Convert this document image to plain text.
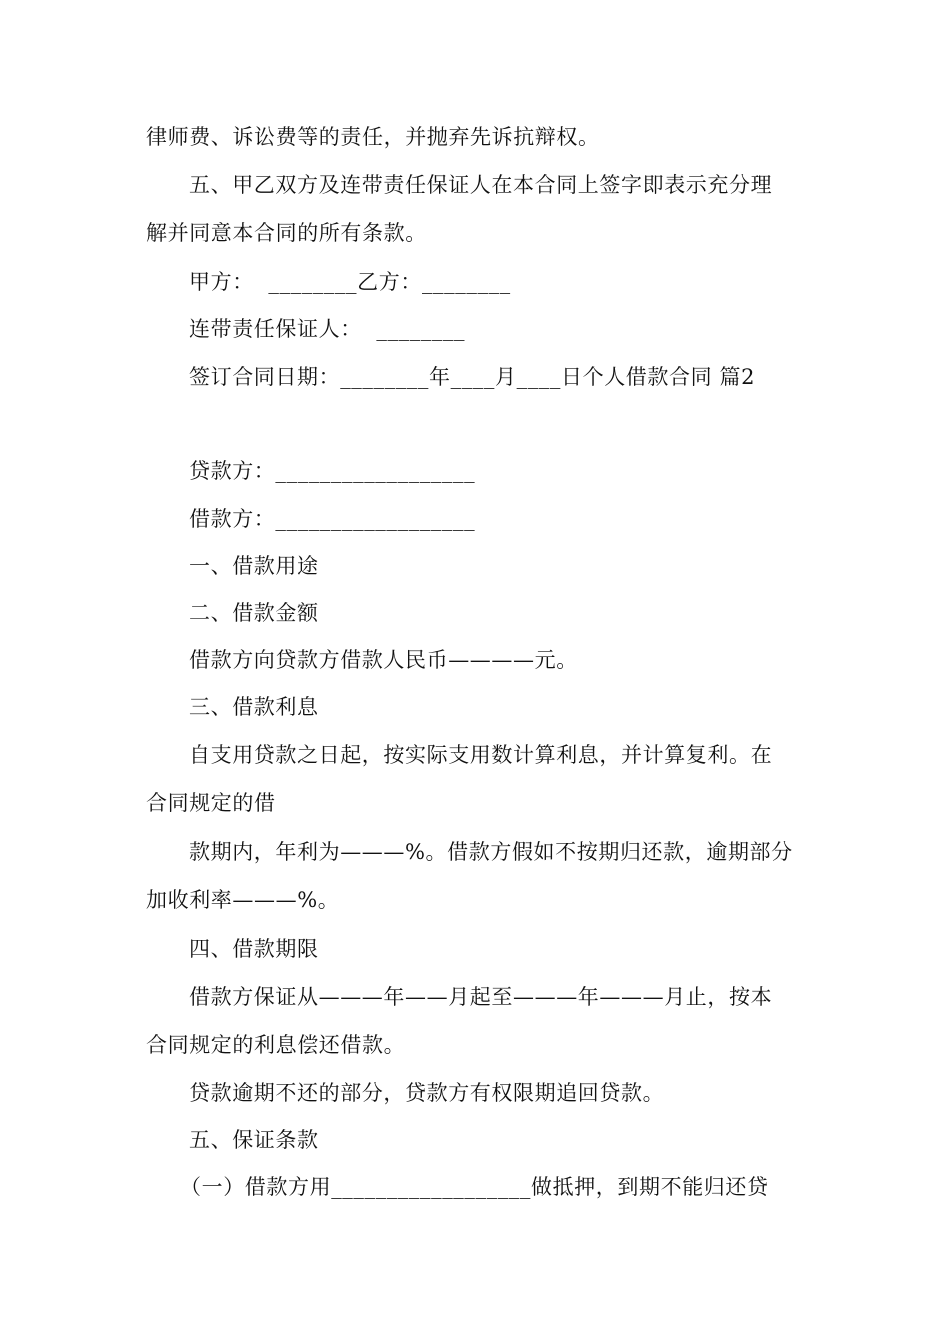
律师费、诉讼费等的责任，并抛弃先诉抗辩权。
五、甲乙双方及连带责任保证人在本合同上签字即表示充分理
解并同意本合同的所有条款。
甲方：  ________乙方：________
连带责任保证人：  ________
签订合同日期：________年____月____日个人借款合同 篇2
贷款方：__________________
借款方：__________________
一、借款用途
二、借款金额
借款方向贷款方借款人民币————元。
三、借款利息
自支用贷款之日起，按实际支用数计算利息，并计算复利。在
合同规定的借
款期内，年利为———%。借款方假如不按期归还款，逾期部分
加收利率———%。
四、借款期限
借款方保证从———年——月起至———年———月止，按本
合同规定的利息偿还借款。
贷款逾期不还的部分，贷款方有权限期追回贷款。
五、保证条款
（一）借款方用__________________做抵押，到期不能归还贷
